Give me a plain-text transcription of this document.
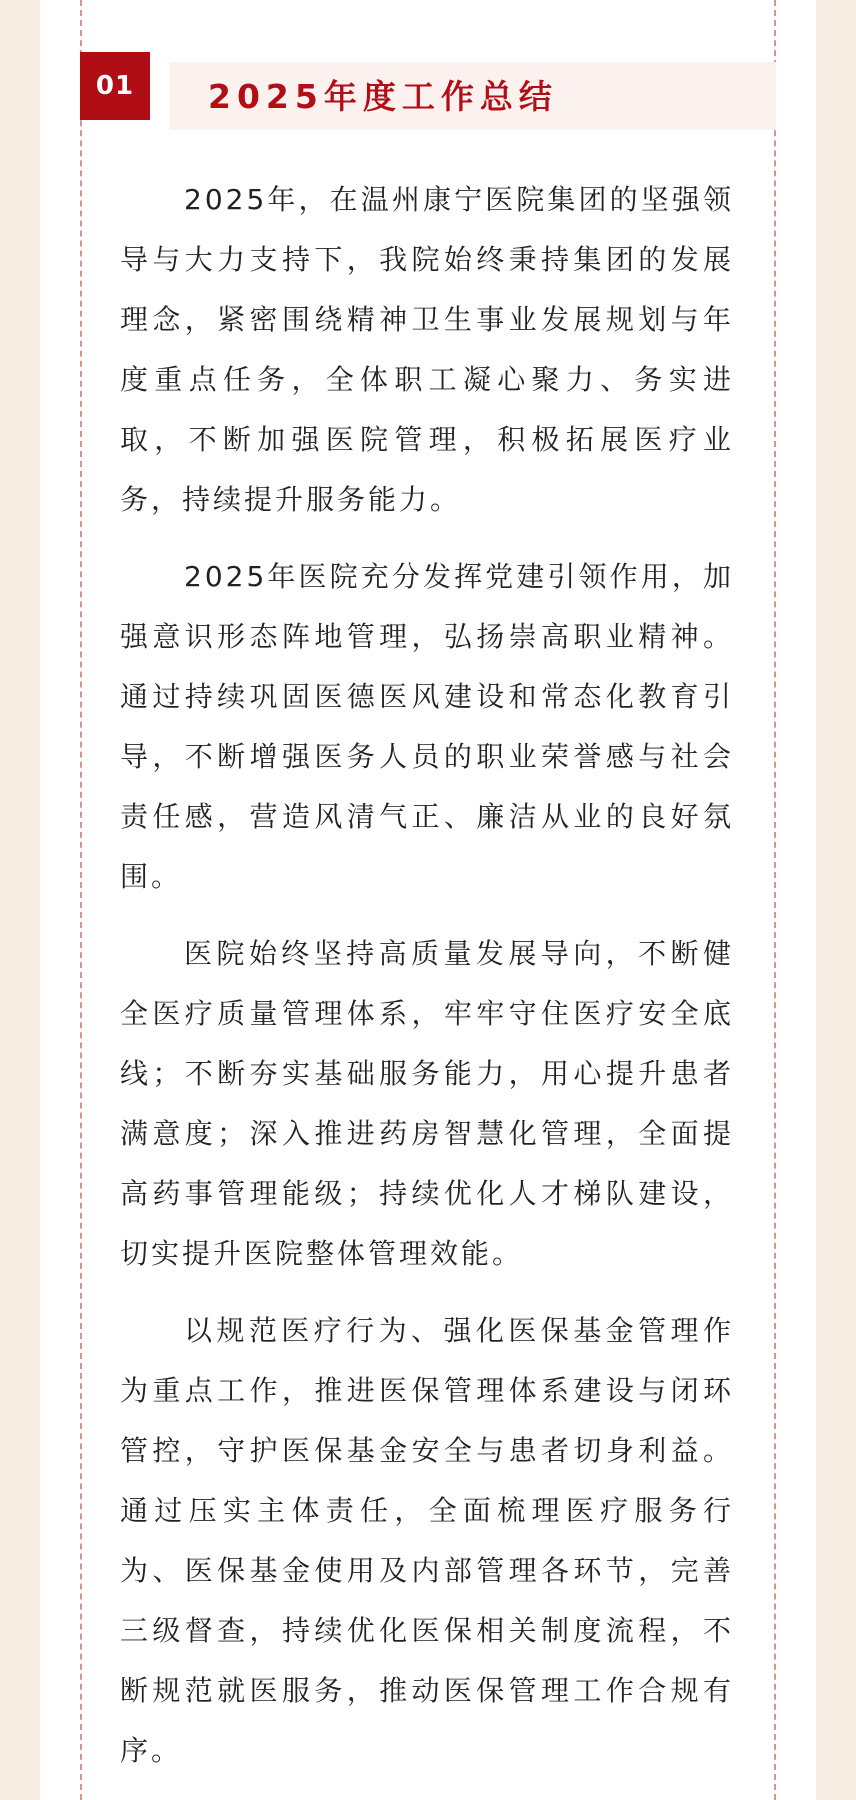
01 2025年度工作总结

2025年，在温州康宁医院集团的坚强领导与大力支持下，我院始终秉持集团的发展理念，紧密围绕精神卫生事业发展规划与年度重点任务，全体职工凝心聚力、务实进取，不断加强医院管理，积极拓展医疗业务，持续提升服务能力。

2025年医院充分发挥党建引领作用，加强意识形态阵地管理，弘扬崇高职业精神。通过持续巩固医德医风建设和常态化教育引导，不断增强医务人员的职业荣誉感与社会责任感，营造风清气正、廉洁从业的良好氛围。

医院始终坚持高质量发展导向，不断健全医疗质量管理体系，牢牢守住医疗安全底线；不断夯实基础服务能力，用心提升患者满意度；深入推进药房智慧化管理，全面提高药事管理能级；持续优化人才梯队建设，切实提升医院整体管理效能。

以规范医疗行为、强化医保基金管理作为重点工作，推进医保管理体系建设与闭环管控，守护医保基金安全与患者切身利益。通过压实主体责任，全面梳理医疗服务行为、医保基金使用及内部管理各环节，完善三级督查，持续优化医保相关制度流程，不断规范就医服务，推动医保管理工作合规有序。
